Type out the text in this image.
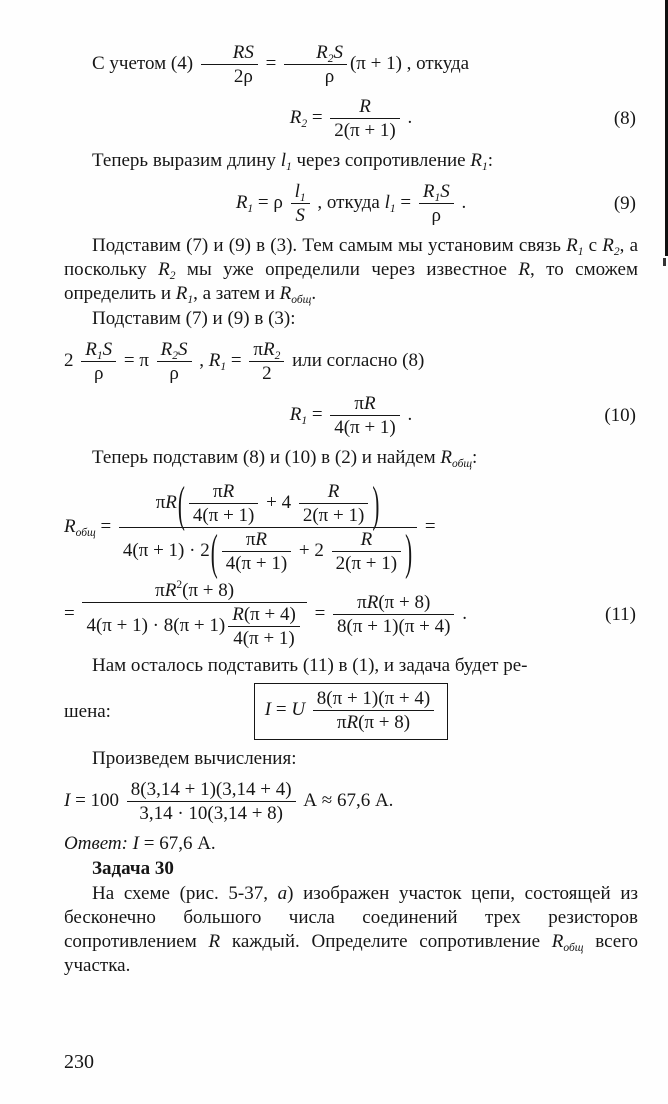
С учетом $(4) \frac{RS}{2\rho} = \frac{R_2S}{\rho} (\pi + 1)$ , откуда
$R_2 = \frac{R}{2(\pi + 1)}$ .	(8)
Теперь выразим длину $l_1$ через сопротивление $R_1$:
$R_1 = \rho \frac{l_1}{S}$ , откуда $l_1 = \frac{R_1S}{\rho}$ .	(9)
Подставим (7) и (9) в (3). Тем самым мы установим связь $R_1$ с $R_2$, а поскольку $R_2$ мы уже определили через известное R, то сможем определить и $R_1$, а затем и $R_{общ}$.
Подставим (7) и (9) в (3):
$2 \frac{R_1S}{\rho} = \pi \frac{R_2S}{\rho}$ , $R_1 = \frac{\pi R_2}{2}$ или согласно (8)
$R_1 = \frac{\pi R}{4(\pi + 1)}$ .	(10)
Теперь подставим (8) и (10) в (2) и найдем $R_{общ}$:
$R_{общ} = \frac{\pi R( \frac{\pi R}{4(\pi + 1)} + 4 \frac{R}{2(\pi + 1)} )}{4(\pi + 1) \cdot 2( \frac{\pi R}{4(\pi + 1)} + 2 \frac{R}{2(\pi + 1)} )}$ =
= $\frac{\pi R^2(\pi + 8)}{4(\pi + 1) \cdot 8(\pi + 1) \frac{R(\pi + 4)}{4(\pi + 1)}} = \frac{\pi R(\pi + 8)}{8(\pi + 1)(\pi + 4)}$ .	(11)
Нам осталось подставить (11) в (1), и задача будет ре-
шена:	I = U $\frac{8(\pi + 1)(\pi + 4)}{\pi R(\pi + 8)}$
Произведем вычисления:
$I = 100 \frac{8(3,14 + 1)(3,14 + 4)}{3,14 \cdot 10(3,14 + 8)}$ А ≈ 67,6 А.
Ответ: I = 67,6 А.
Задача 30
На схеме (рис. 5-37, а) изображен участок цепи, состоящей из бесконечно большого числа соединений трех резисторов сопротивлением R каждый. Определите сопротивление $R_{общ}$ всего участка.
230
